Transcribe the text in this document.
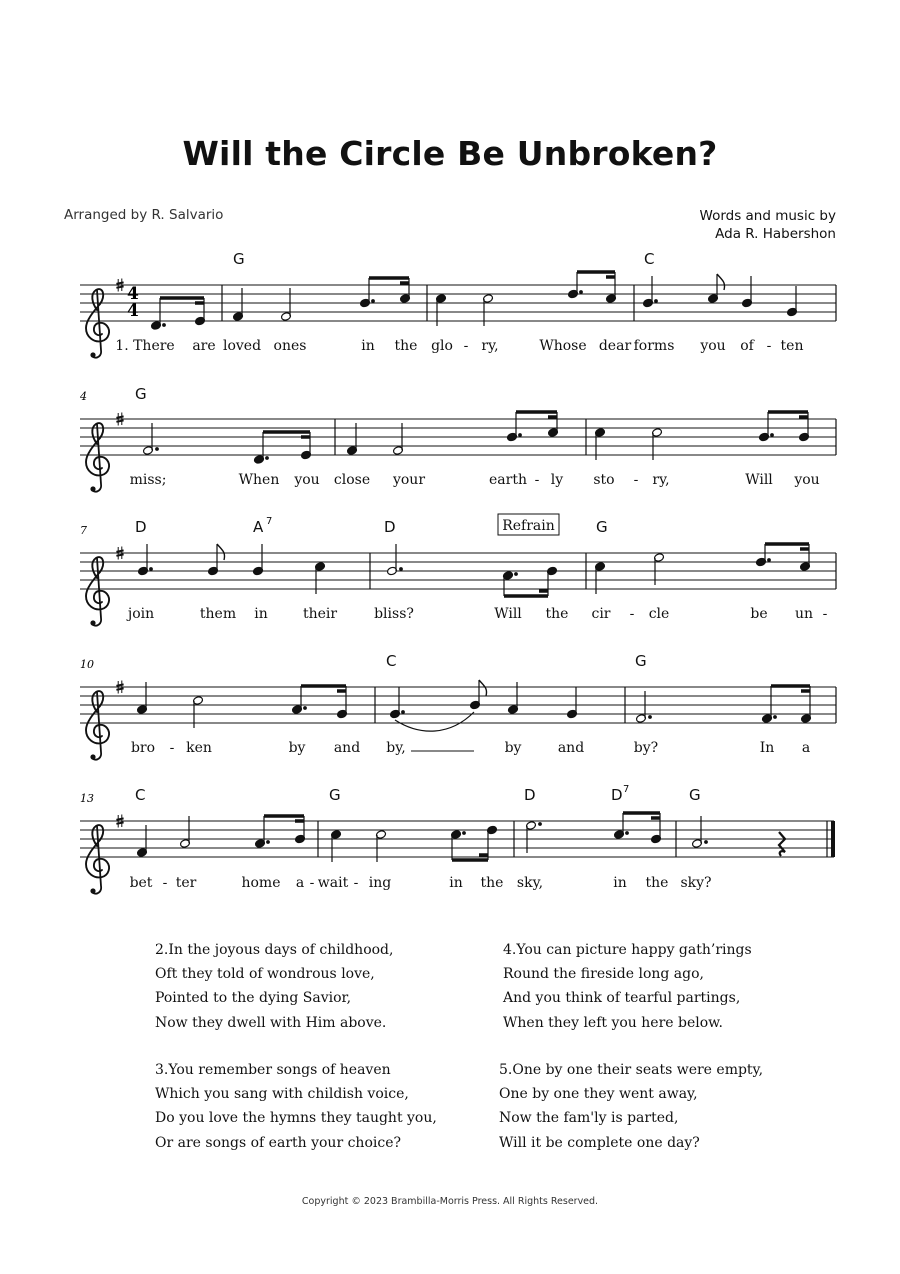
Will the Circle Be Unbroken?
Arranged by R. Salvario	Words and music by
Ada R. Habershon
4
4
G	C
1. There are loved ones	in the glo - ry,	Whose dear forms you of - ten
4	G
miss;	When you close your	earth - ly sto - ry,	Will you
7	D	A 7	D	G
Refrain
join	them in	their	bliss?	Will the cir - cle	be un -
10	C	G
bro - ken	by and by,	by	and	by?	In a
13	C	G	D	D 7	G
bet - ter	home a - wait - ing	in the sky,	in the sky?
2.In the joyous days of childhood,
Oft they told of wondrous love,
Pointed to the dying Savior,
Now they dwell with Him above.
4.You can picture happy gath’rings
Round the fireside long ago,
And you think of tearful partings,
When they left you here below.
3.You remember songs of heaven
Which you sang with childish voice,
Do you love the hymns they taught you,
Or are songs of earth your choice?
5.One by one their seats were empty,
One by one they went away,
Now the fam'ly is parted,
Will it be complete one day?
Copyright © 2023 Brambilla-Morris Press. All Rights Reserved.
